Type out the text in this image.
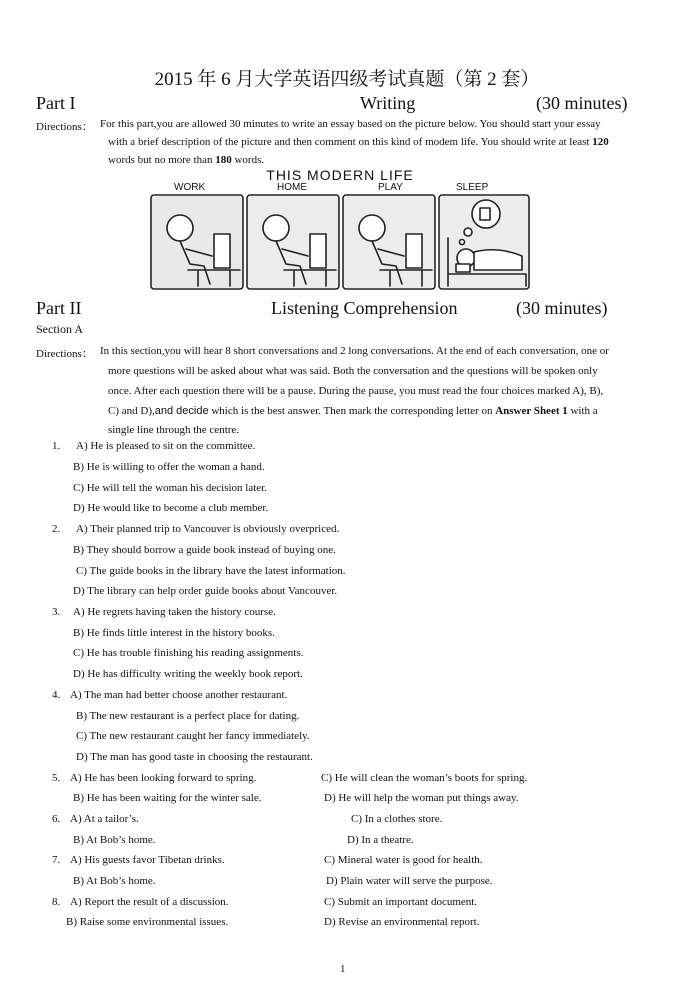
2015 年 6 月大学英语四级考试真题（第 2 套）
Part I	Writing	(30 minutes)
Directions： For this part,you are allowed 30 minutes to write an essay based on the picture below. You should start your essay
with a brief description of the picture and then comment on this kind of modem life. You should write at least 120
words but no more than 180 words.
THIS MODERN LIFE
WORK	HOME	PLAY	SLEEP
Part II	Listening Comprehension	(30 minutes)
Section A
Directions： In this section,you will hear 8 short conversations and 2 long conversations. At the end of each conversation, one or
more questions will be asked about what was said. Both the conversation and the questions will be spoken only
once. After each question there will be a pause. During the pause, you must read the four choices marked A), B),
C) and D),and decide which is the best answer. Then mark the corresponding letter on Answer Sheet 1 with a
single line through the centre.
1. A) He is pleased to sit on the committee.
B) He is willing to offer the woman a hand.
C) He will tell the woman his decision later.
D) He would like to become a club member.
2. A) Their planned trip to Vancouver is obviously overpriced.
B) They should borrow a guide book instead of buying one.
C) The guide books in the library have the latest information.
D) The library can help order guide books about Vancouver.
3. A) He regrets having taken the history course.
B) He finds little interest in the history books.
C) He has trouble finishing his reading assignments.
D) He has difficulty writing the weekly book report.
4. A) The man had better choose another restaurant.
B) The new restaurant is a perfect place for dating.
C) The new restaurant caught her fancy immediately.
D) The man has good taste in choosing the restaurant.
5. A) He has been looking forward to spring.
B) He has been waiting for the winter sale.
C) He will clean the woman’s boots for spring.
D) He will help the woman put things away.
6. A) At a tailor’s.
B) At Bob’s home.
C) In a clothes store.
D) In a theatre.
7. A) His guests favor Tibetan drinks.
B) At Bob’s home.
C) Mineral water is good for health.
D) Plain water will serve the purpose.
8. A) Report the result of a discussion.
B) Raise some environmental issues.
C) Submit an important document.
D) Revise an environmental report.
1
